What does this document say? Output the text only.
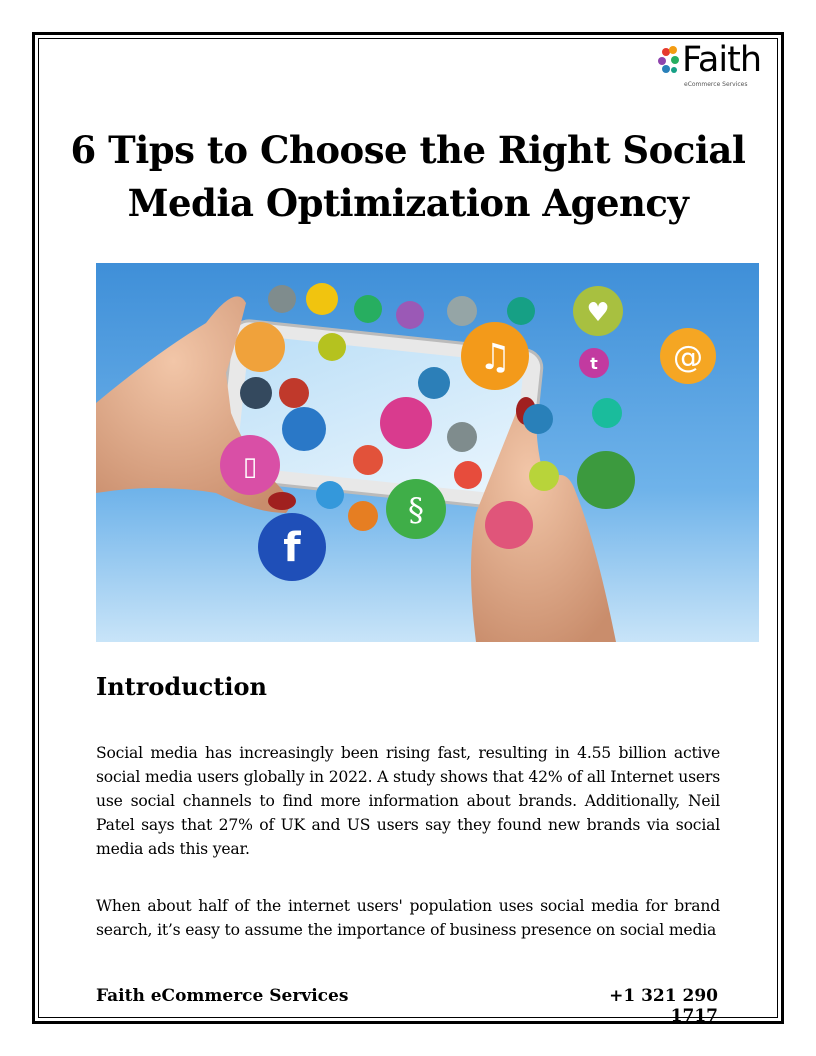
Faith
eCommerce Services
6 Tips to Choose the Right Social Media Optimization Agency
f
♫	@
♥
§
▯
t
Introduction

Social media has increasingly been rising fast, resulting in 4.55 billion active social media users globally in 2022. A study shows that 42% of all Internet users use social channels to find more information about brands. Additionally, Neil Patel says that 27% of UK and US users say they found new brands via social media ads this year.

When about half of the internet users' population uses social media for brand search, it’s easy to assume the importance of business presence on social media

Faith eCommerce Services	+1 321 290 1717
